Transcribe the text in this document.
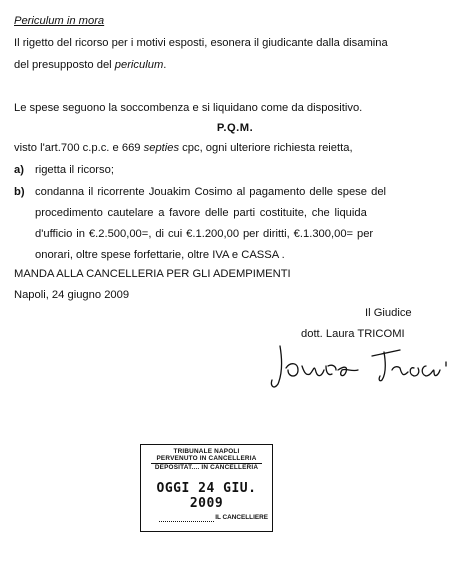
Periculum in mora
Il rigetto del ricorso per i motivi esposti, esonera il giudicante dalla disamina
del presupposto del periculum.
Le spese seguono la soccombenza e si liquidano come da dispositivo.
P.Q.M.
visto l'art.700 c.p.c. e 669 septies cpc, ogni ulteriore richiesta reietta,
a) rigetta il ricorso;
b) condanna il ricorrente Jouakim Cosimo al pagamento delle spese del
procedimento cautelare a favore delle parti costituite, che liquida
d'ufficio in €.2.500,00=, di cui €.1.200,00 per diritti, €.1.300,00= per
onorari, oltre spese forfettarie, oltre IVA e CASSA .
MANDA ALLA CANCELLERIA PER GLI ADEMPIMENTI
Napoli, 24 giugno 2009
Il Giudice
dott. Laura TRICOMI
TRIBUNALE NAPOLI
PERVENUTO IN CANCELLERIA
DEPOSITAT.... IN CANCELLERIA
OGGI 24 GIU. 2009
IL CANCELLIERE
